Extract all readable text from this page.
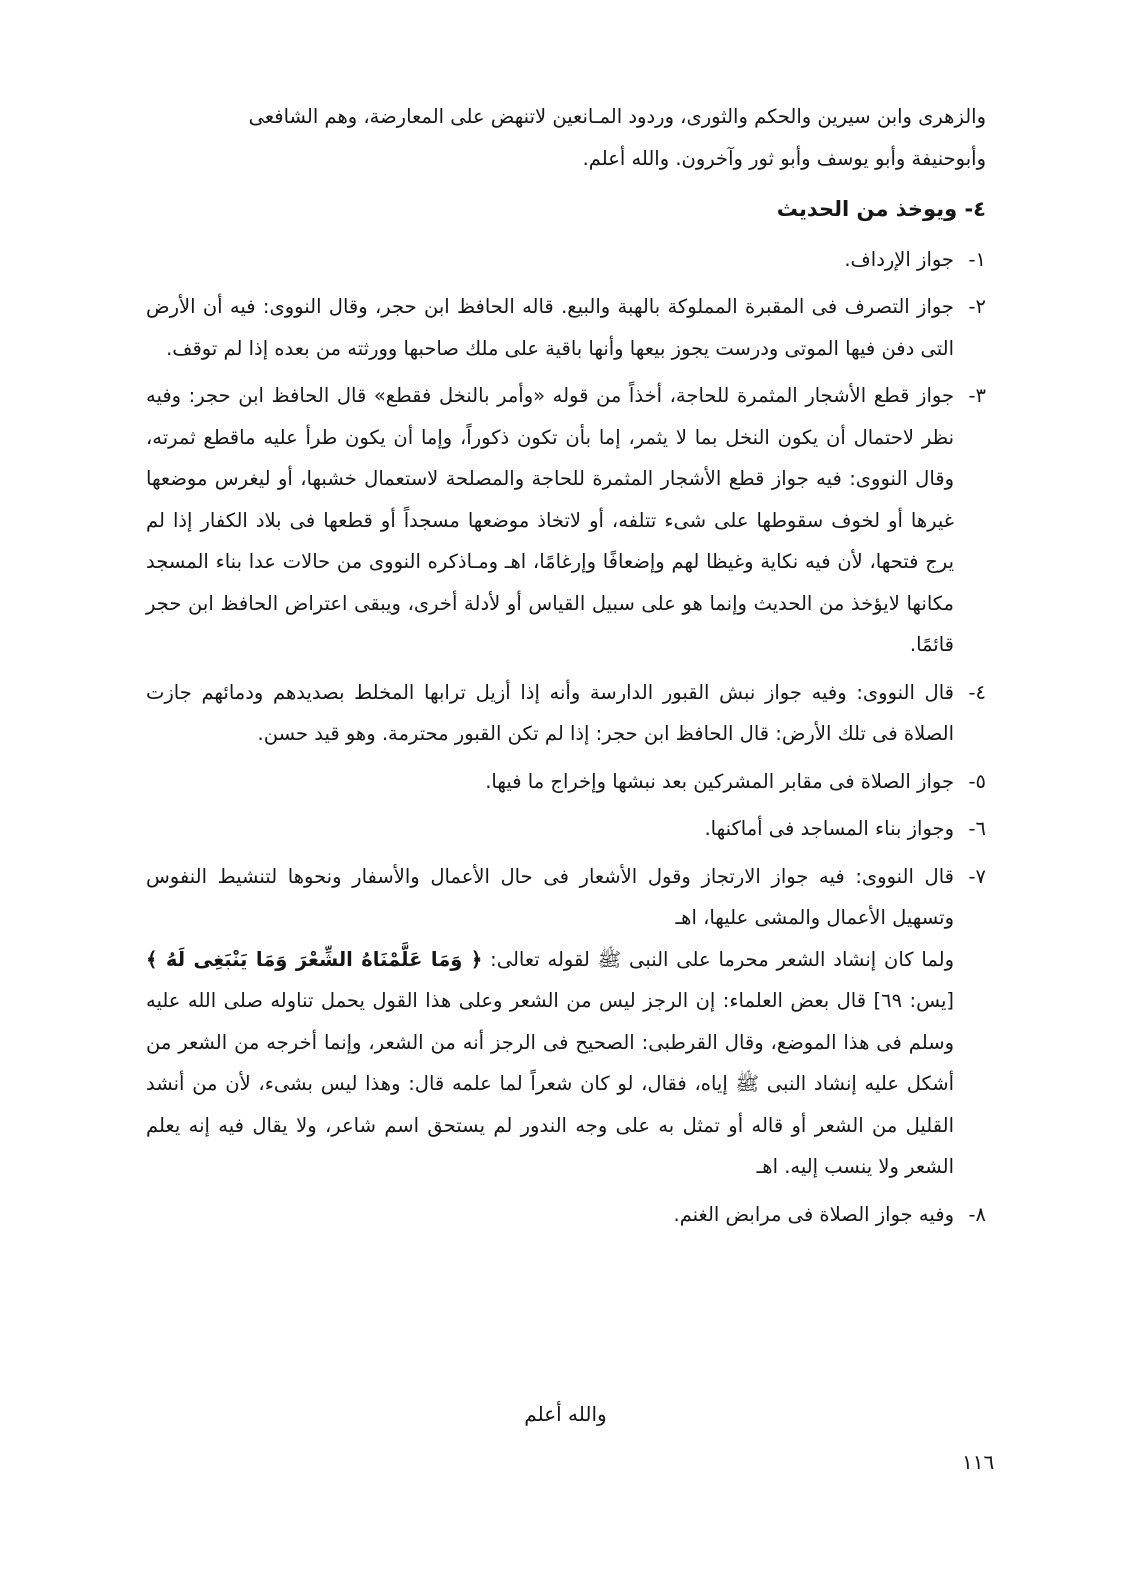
والزهرى وابن سيرين والحكم والثورى، وردود المـانعين لاتنهض على المعارضة، وهم الشافعى

وأبوحنيفة وأبو يوسف وأبو ثور وآخرون. والله أعلم.

٤- ويوخذ من الحديث
١-
جواز الإرداف.
٢-
جواز التصرف فى المقبرة المملوكة بالهبة والبيع. قاله الحافظ ابن حجر، وقال النووى: فيه أن الأرض التى دفن فيها الموتى ودرست يجوز بيعها وأنها باقية على ملك صاحبها وورثته من بعده إذا لم توقف.
٣-
جواز قطع الأشجار المثمرة للحاجة، أخذاً من قوله «وأمر بالنخل فقطع» قال الحافظ ابن حجر: وفيه نظر لاحتمال أن يكون النخل بما لا يثمر، إما بأن تكون ذكوراً، وإما أن يكون طرأ عليه ماقطع ثمرته، وقال النووى: فيه جواز قطع الأشجار المثمرة للحاجة والمصلحة لاستعمال خشبها، أو ليغرس موضعها غيرها أو لخوف سقوطها على شىء تتلفه، أو لاتخاذ موضعها مسجداً أو قطعها فى بلاد الكفار إذا لم يرج فتحها، لأن فيه نكاية وغيظا لهم وإضعافًا وإرغامًا، اهـ ومـاذكره النووى من حالات عدا بناء المسجد مكانها لايؤخذ من الحديث وإنما هو على سبيل القياس أو لأدلة أخرى، ويبقى اعتراض الحافظ ابن حجر قائمًا.
٤-
قال النووى: وفيه جواز نبش القبور الدارسة وأنه إذا أزيل ترابها المخلط بصديدهم ودمائهم جازت الصلاة فى تلك الأرض: قال الحافظ ابن حجر: إذا لم تكن القبور محترمة. وهو قيد حسن.
٥-
جواز الصلاة فى مقابر المشركين بعد نبشها وإخراج ما فيها.
٦-
وجواز بناء المساجد فى أماكنها.
٧-
قال النووى: فيه جواز الارتجاز وقول الأشعار فى حال الأعمال والأسفار ونحوها لتنشيط النفوس وتسهيل الأعمال والمشى عليها، اهـ
ولما كان إنشاد الشعر محرما على النبى ﷺ لقوله تعالى: ﴿ وَمَا عَلَّمْنَاهُ الشِّعْرَ وَمَا يَنْبَغِى لَهُ ﴾ [يس: ٦٩] قال بعض العلماء: إن الرجز ليس من الشعر وعلى هذا القول يحمل تناوله صلى الله عليه وسلم فى هذا الموضع، وقال القرطبى: الصحيح فى الرجز أنه من الشعر، وإنما أخرجه من الشعر من أشكل عليه إنشاد النبى ﷺ إياه، فقال، لو كان شعراً لما علمه قال: وهذا ليس بشىء، لأن من أنشد القليل من الشعر أو قاله أو تمثل به على وجه الندور لم يستحق اسم شاعر، ولا يقال فيه إنه يعلم الشعر ولا ينسب إليه. اهـ
٨-
وفيه جواز الصلاة فى مرابض الغنم.
والله أعلم
١١٦
